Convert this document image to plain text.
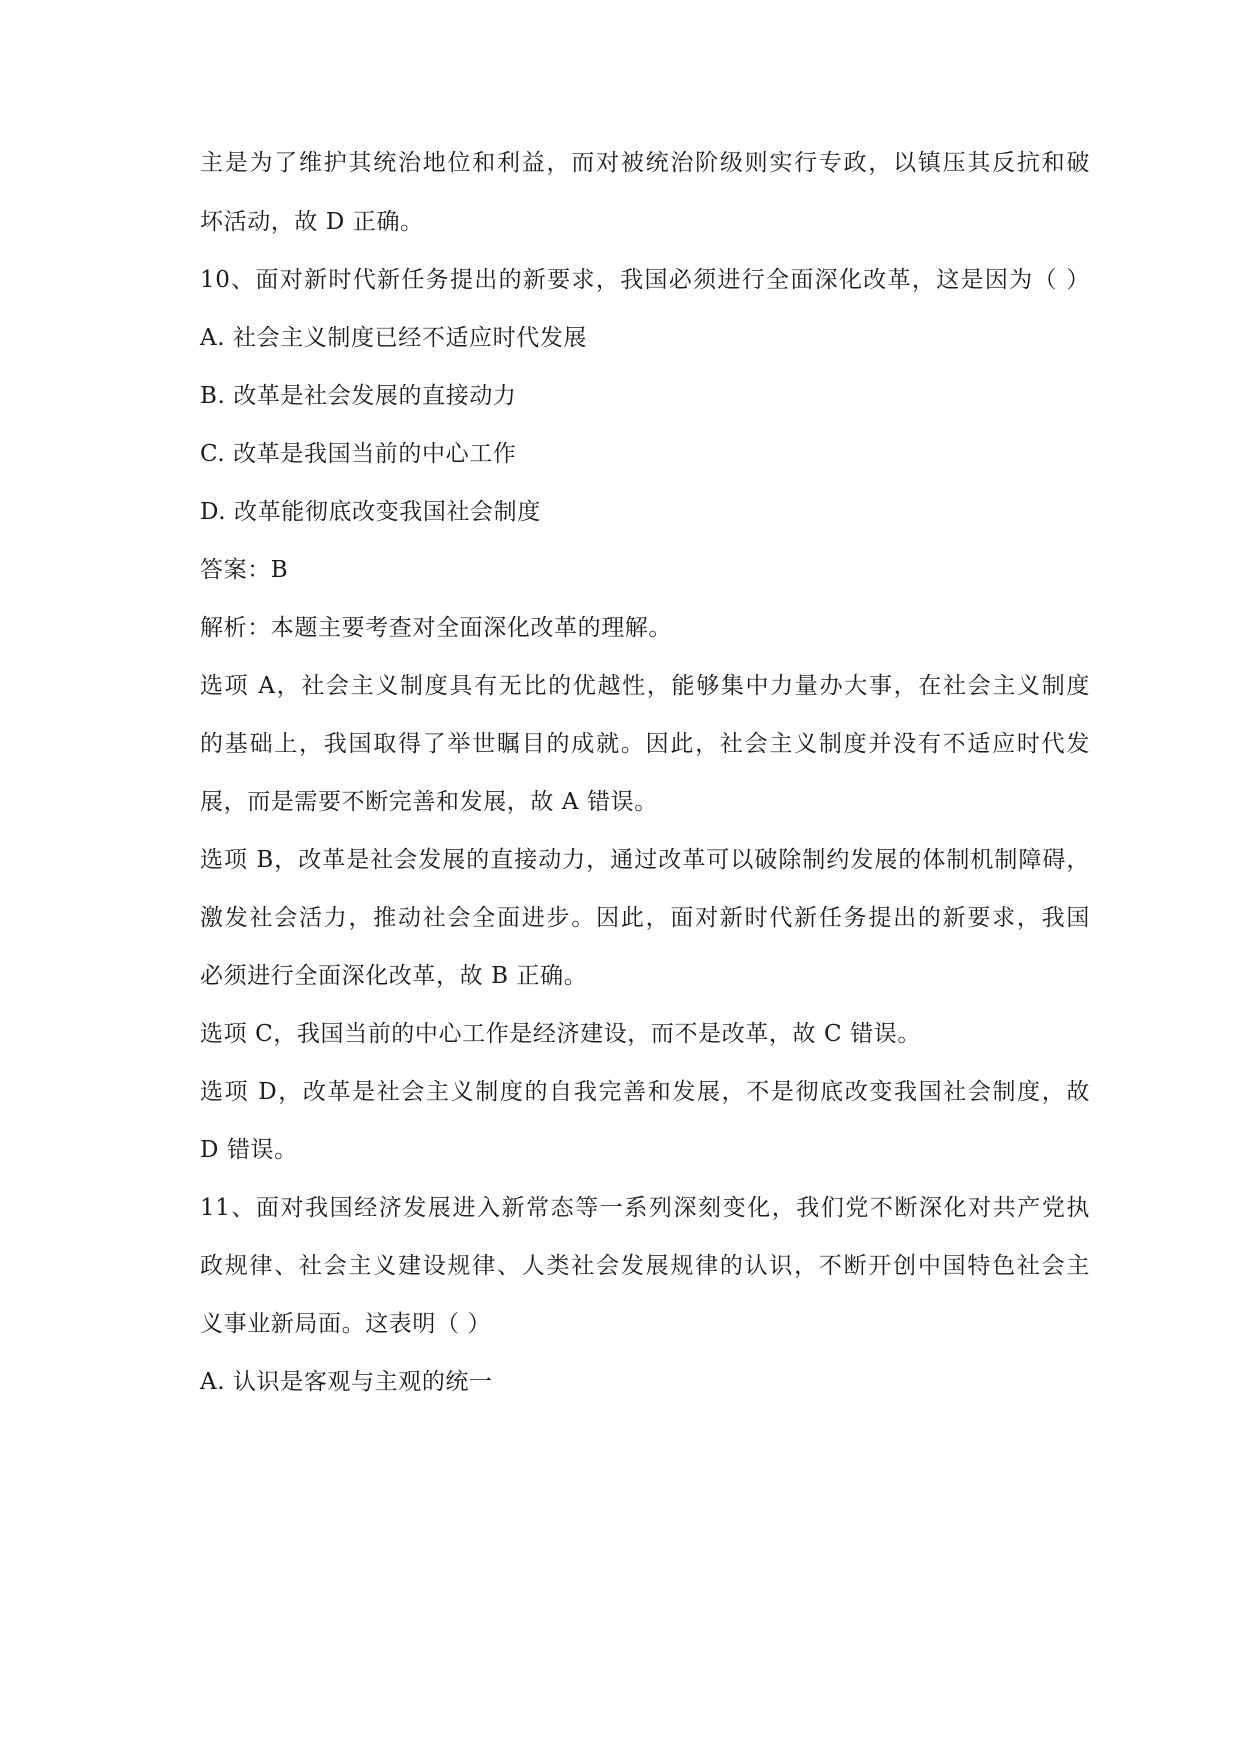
主是为了维护其统治地位和利益，而对被统治阶级则实行专政，以镇压其反抗和破
坏活动，故 D 正确。
10、面对新时代新任务提出的新要求，我国必须进行全面深化改革，这是因为（ ）
A. 社会主义制度已经不适应时代发展
B. 改革是社会发展的直接动力
C. 改革是我国当前的中心工作
D. 改革能彻底改变我国社会制度
答案：B
解析：本题主要考查对全面深化改革的理解。
选项 A，社会主义制度具有无比的优越性，能够集中力量办大事，在社会主义制度
的基础上，我国取得了举世瞩目的成就。因此，社会主义制度并没有不适应时代发
展，而是需要不断完善和发展，故 A 错误。
选项 B，改革是社会发展的直接动力，通过改革可以破除制约发展的体制机制障碍，
激发社会活力，推动社会全面进步。因此，面对新时代新任务提出的新要求，我国
必须进行全面深化改革，故 B 正确。
选项 C，我国当前的中心工作是经济建设，而不是改革，故 C 错误。
选项 D，改革是社会主义制度的自我完善和发展，不是彻底改变我国社会制度，故
D 错误。
11、面对我国经济发展进入新常态等一系列深刻变化，我们党不断深化对共产党执
政规律、社会主义建设规律、人类社会发展规律的认识，不断开创中国特色社会主
义事业新局面。这表明（ ）
A. 认识是客观与主观的统一
